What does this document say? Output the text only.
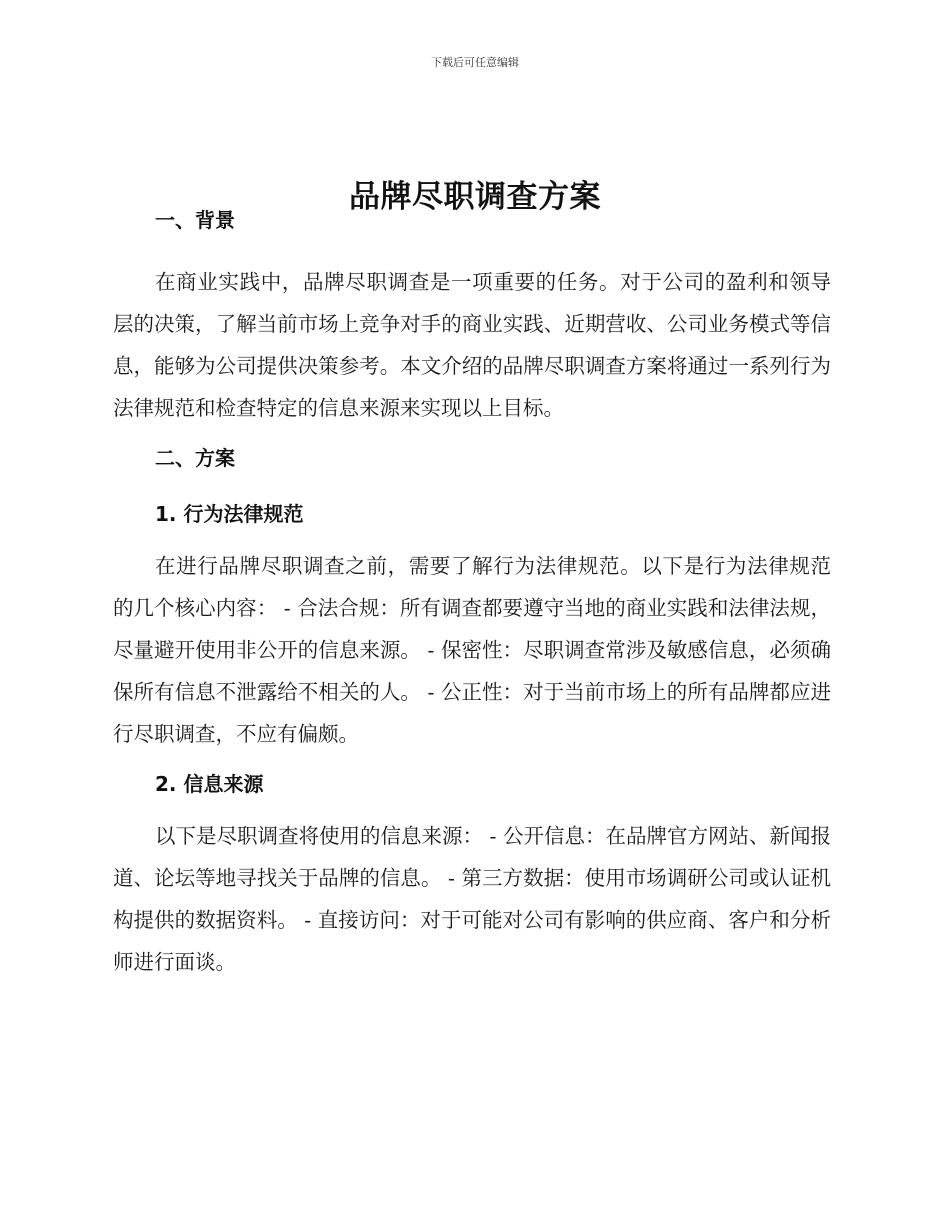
下载后可任意编辑
品牌尽职调查方案
一、背景

在商业实践中，品牌尽职调查是一项重要的任务。对于公司的盈利和领导层的决策，了解当前市场上竞争对手的商业实践、近期营收、公司业务模式等信息，能够为公司提供决策参考。本文介绍的品牌尽职调查方案将通过一系列行为法律规范和检查特定的信息来源来实现以上目标。

二、方案
1. 行为法律规范

在进行品牌尽职调查之前，需要了解行为法律规范。以下是行为法律规范的几个核心内容： - 合法合规：所有调查都要遵守当地的商业实践和法律法规，尽量避开使用非公开的信息来源。 - 保密性：尽职调查常涉及敏感信息，必须确保所有信息不泄露给不相关的人。 - 公正性：对于当前市场上的所有品牌都应进行尽职调查，不应有偏颇。

2. 信息来源

以下是尽职调查将使用的信息来源： - 公开信息：在品牌官方网站、新闻报道、论坛等地寻找关于品牌的信息。 - 第三方数据：使用市场调研公司或认证机构提供的数据资料。 - 直接访问：对于可能对公司有影响的供应商、客户和分析师进行面谈。
